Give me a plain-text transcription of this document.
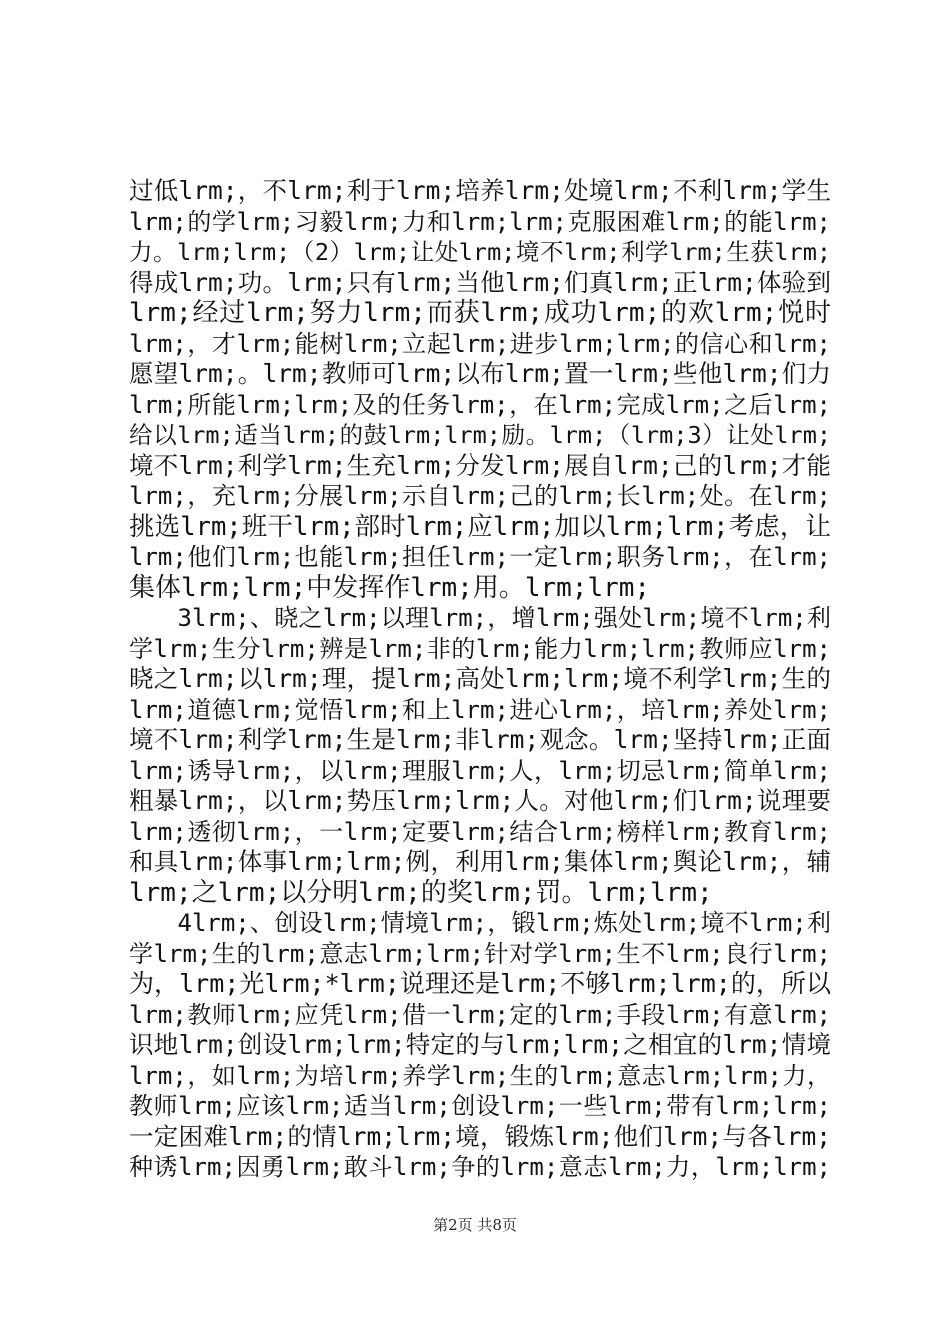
过低lrm;，不lrm;利于lrm;培养lrm;处境lrm;不利lrm;学生
lrm;的学lrm;习毅lrm;力和lrm;lrm;克服困难lrm;的能lrm;
力。lrm;lrm;（2）lrm;让处lrm;境不lrm;利学lrm;生获lrm;
得成lrm;功。lrm;只有lrm;当他lrm;们真lrm;正lrm;体验到
lrm;经过lrm;努力lrm;而获lrm;成功lrm;的欢lrm;悦时
lrm;，才lrm;能树lrm;立起lrm;进步lrm;lrm;的信心和lrm;
愿望lrm;。lrm;教师可lrm;以布lrm;置一lrm;些他lrm;们力
lrm;所能lrm;lrm;及的任务lrm;，在lrm;完成lrm;之后lrm;
给以lrm;适当lrm;的鼓lrm;lrm;励。lrm;（lrm;3）让处lrm;
境不lrm;利学lrm;生充lrm;分发lrm;展自lrm;己的lrm;才能
lrm;，充lrm;分展lrm;示自lrm;己的lrm;长lrm;处。在lrm;
挑选lrm;班干lrm;部时lrm;应lrm;加以lrm;lrm;考虑，让
lrm;他们lrm;也能lrm;担任lrm;一定lrm;职务lrm;，在lrm;
集体lrm;lrm;中发挥作lrm;用。lrm;lrm;
　　3lrm;、晓之lrm;以理lrm;，增lrm;强处lrm;境不lrm;利
学lrm;生分lrm;辨是lrm;非的lrm;能力lrm;lrm;教师应lrm;
晓之lrm;以lrm;理，提lrm;高处lrm;lrm;境不利学lrm;生的
lrm;道德lrm;觉悟lrm;和上lrm;进心lrm;，培lrm;养处lrm;
境不lrm;利学lrm;生是lrm;非lrm;观念。lrm;坚持lrm;正面
lrm;诱导lrm;，以lrm;理服lrm;人，lrm;切忌lrm;简单lrm;
粗暴lrm;，以lrm;势压lrm;lrm;人。对他lrm;们lrm;说理要
lrm;透彻lrm;，一lrm;定要lrm;结合lrm;榜样lrm;教育lrm;
和具lrm;体事lrm;lrm;例，利用lrm;集体lrm;舆论lrm;，辅
lrm;之lrm;以分明lrm;的奖lrm;罚。lrm;lrm;
　　4lrm;、创设lrm;情境lrm;，锻lrm;炼处lrm;境不lrm;利
学lrm;生的lrm;意志lrm;lrm;针对学lrm;生不lrm;良行lrm;
为，lrm;光lrm;*lrm;说理还是lrm;不够lrm;lrm;的，所以
lrm;教师lrm;应凭lrm;借一lrm;定的lrm;手段lrm;有意lrm;
识地lrm;创设lrm;lrm;特定的与lrm;lrm;之相宜的lrm;情境
lrm;，如lrm;为培lrm;养学lrm;生的lrm;意志lrm;lrm;力，
教师lrm;应该lrm;适当lrm;创设lrm;一些lrm;带有lrm;lrm;
一定困难lrm;的情lrm;lrm;境，锻炼lrm;他们lrm;与各lrm;
种诱lrm;因勇lrm;敢斗lrm;争的lrm;意志lrm;力，lrm;lrm;
第2页 共8页
